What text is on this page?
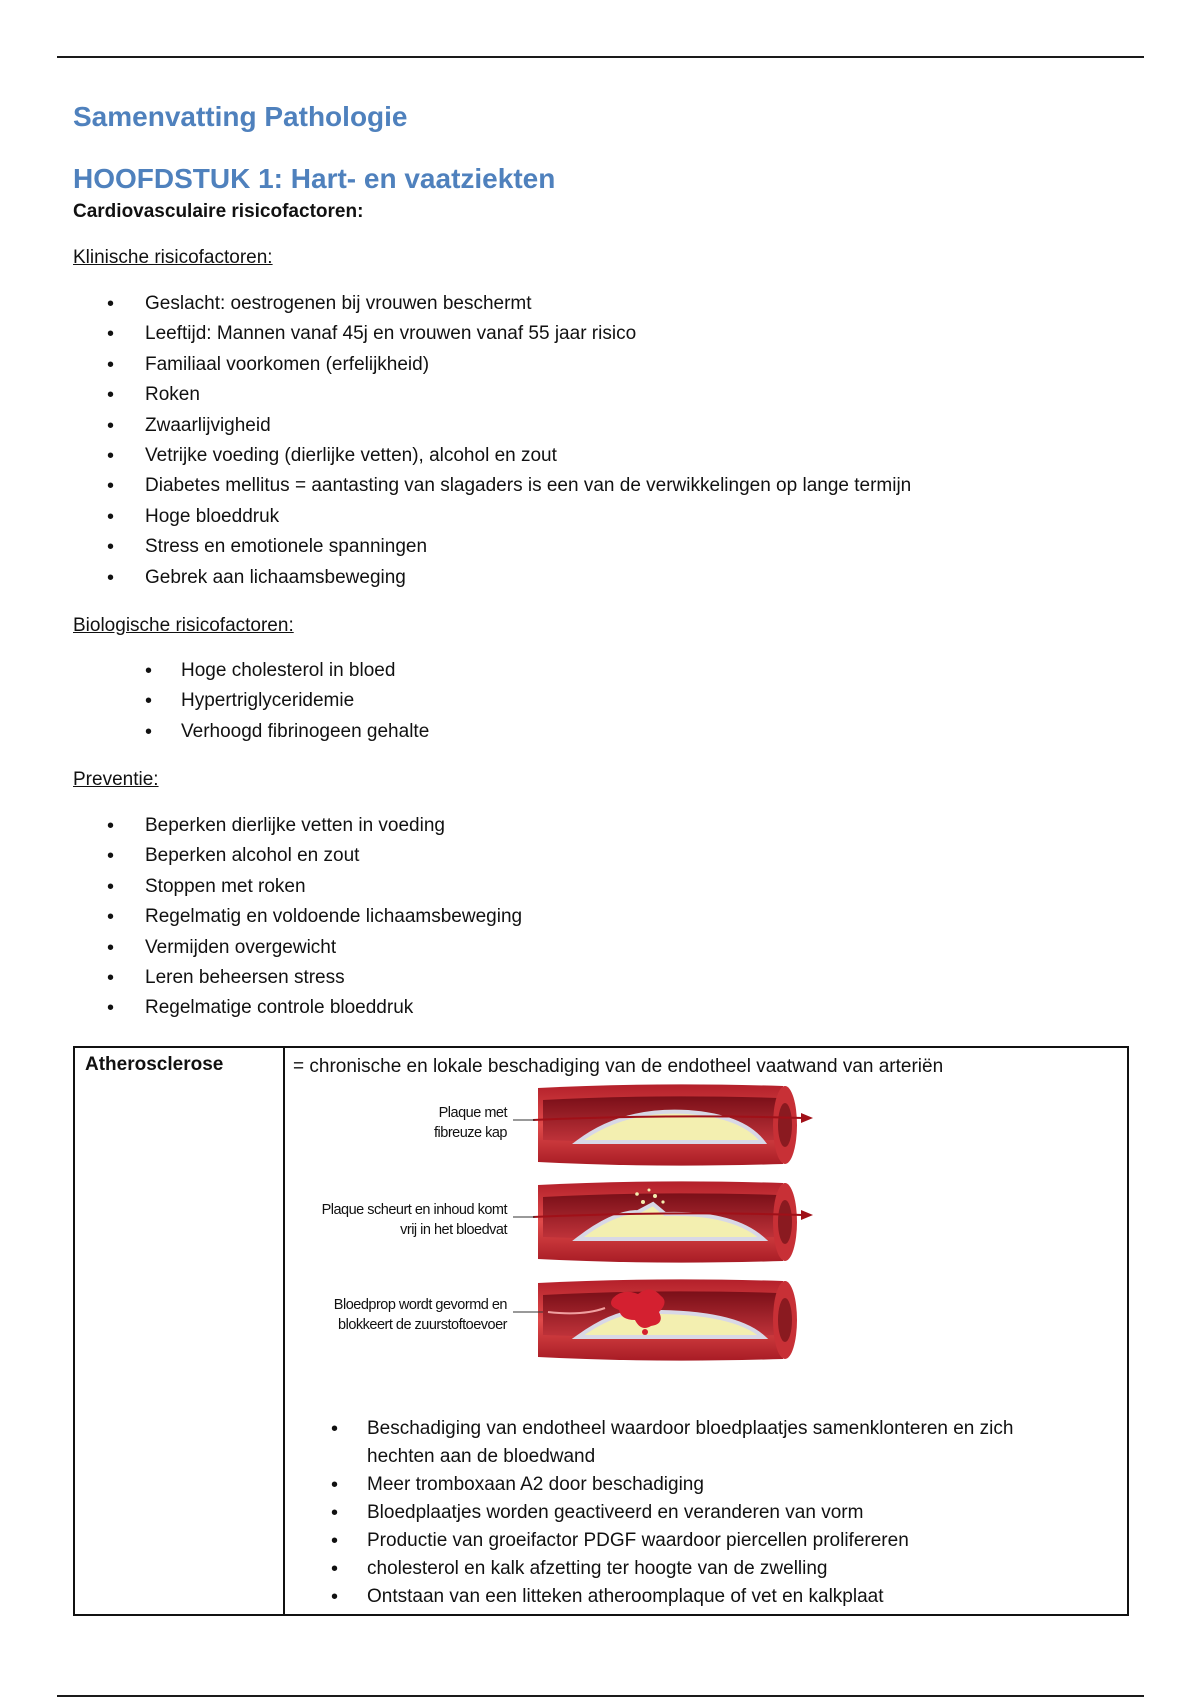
Samenvatting Pathologie
HOOFDSTUK 1: Hart- en vaatziekten

Cardiovasculaire risicofactoren:

Klinische risicofactoren:

• Geslacht: oestrogenen bij vrouwen beschermt
• Leeftijd: Mannen vanaf 45j en vrouwen vanaf 55 jaar risico
• Familiaal voorkomen (erfelijkheid)
• Roken
• Zwaarlijvigheid
• Vetrijke voeding (dierlijke vetten), alcohol en zout
• Diabetes mellitus = aantasting van slagaders is een van de verwikkelingen op lange termijn
• Hoge bloeddruk
• Stress en emotionele spanningen
• Gebrek aan lichaamsbeweging

Biologische risicofactoren:

• Hoge cholesterol in bloed
• Hypertriglyceridemie
• Verhoogd fibrinogeen gehalte

Preventie:

• Beperken dierlijke vetten in voeding
• Beperken alcohol en zout
• Stoppen met roken
• Regelmatig en voldoende lichaamsbeweging
• Vermijden overgewicht
• Leren beheersen stress
• Regelmatige controle bloeddruk
Atherosclerose	= chronische en lokale beschadiging van de endotheel vaatwand van arteriën
Plaque met
fibreuze kap
Plaque scheurt en inhoud komt
vrij in het bloedvat
Bloedprop wordt gevormd en
blokkeert de zuurstoftoevoer
• Beschadiging van endotheel waardoor bloedplaatjes samenklonteren en zich hechten aan de bloedwand
• Meer tromboxaan A2 door beschadiging
• Bloedplaatjes worden geactiveerd en veranderen van vorm
• Productie van groeifactor PDGF waardoor piercellen prolifereren
• cholesterol en kalk afzetting ter hoogte van de zwelling
• Ontstaan van een litteken atheroomplaque of vet en kalkplaat
